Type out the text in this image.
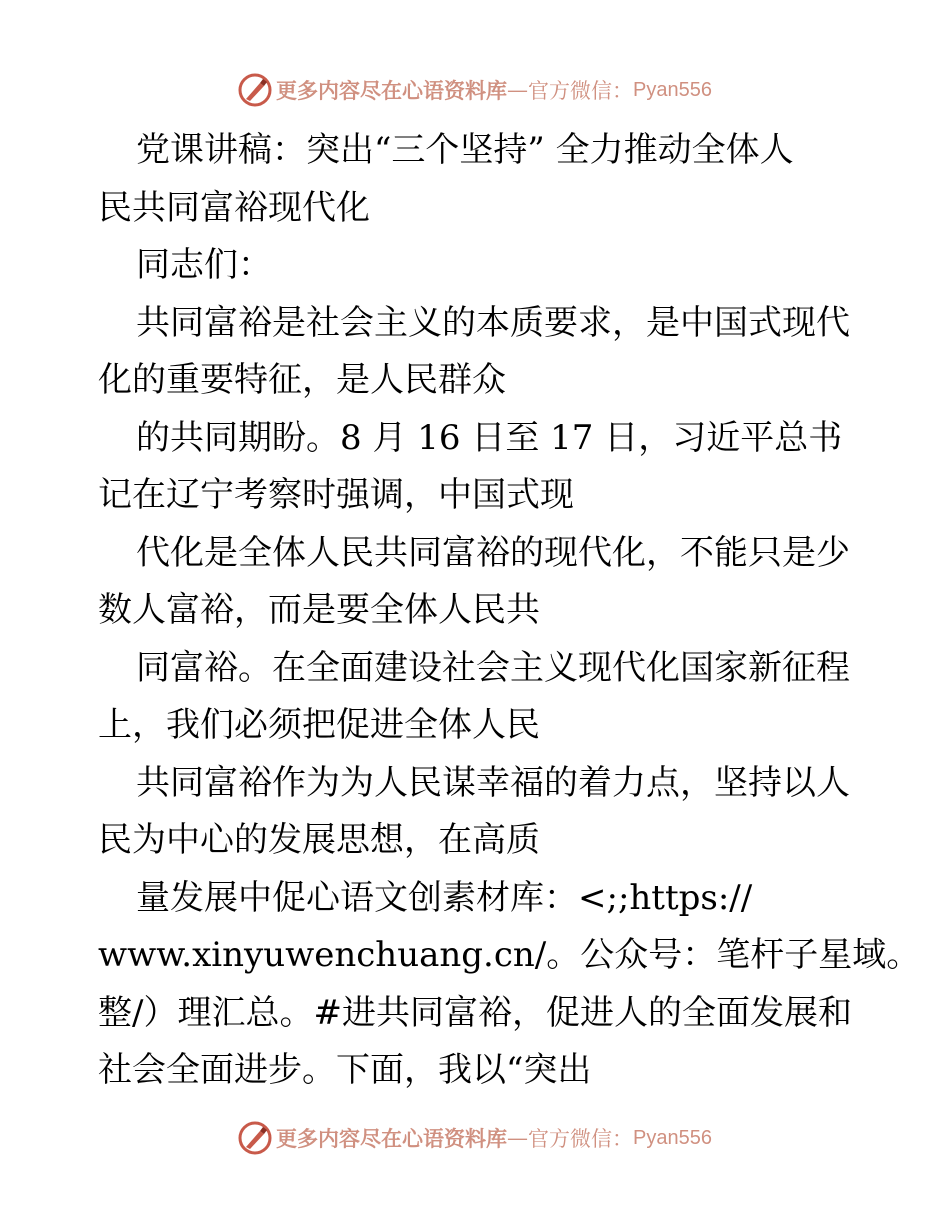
更多内容尽在心语资料库 — 官方微信： Pyan556
党课讲稿：突出“三个坚持” 全力推动全体人
民共同富裕现代化
同志们：
共同富裕是社会主义的本质要求，是中国式现代
化的重要特征，是人民群众
的共同期盼。8 月 16 日至 17 日，习近平总书
记在辽宁考察时强调，中国式现
代化是全体人民共同富裕的现代化，不能只是少
数人富裕，而是要全体人民共
同富裕。在全面建设社会主义现代化国家新征程
上，我们必须把促进全体人民
共同富裕作为为人民谋幸福的着力点，坚持以人
民为中心的发展思想，在高质
量发展中促心语文创素材库：<;;https://
www.xinyuwenchuang.cn/。公众号：笔杆子星域。
整/）理汇总。#进共同富裕，促进人的全面发展和
社会全面进步。下面，我以“突出
更多内容尽在心语资料库 — 官方微信： Pyan556
